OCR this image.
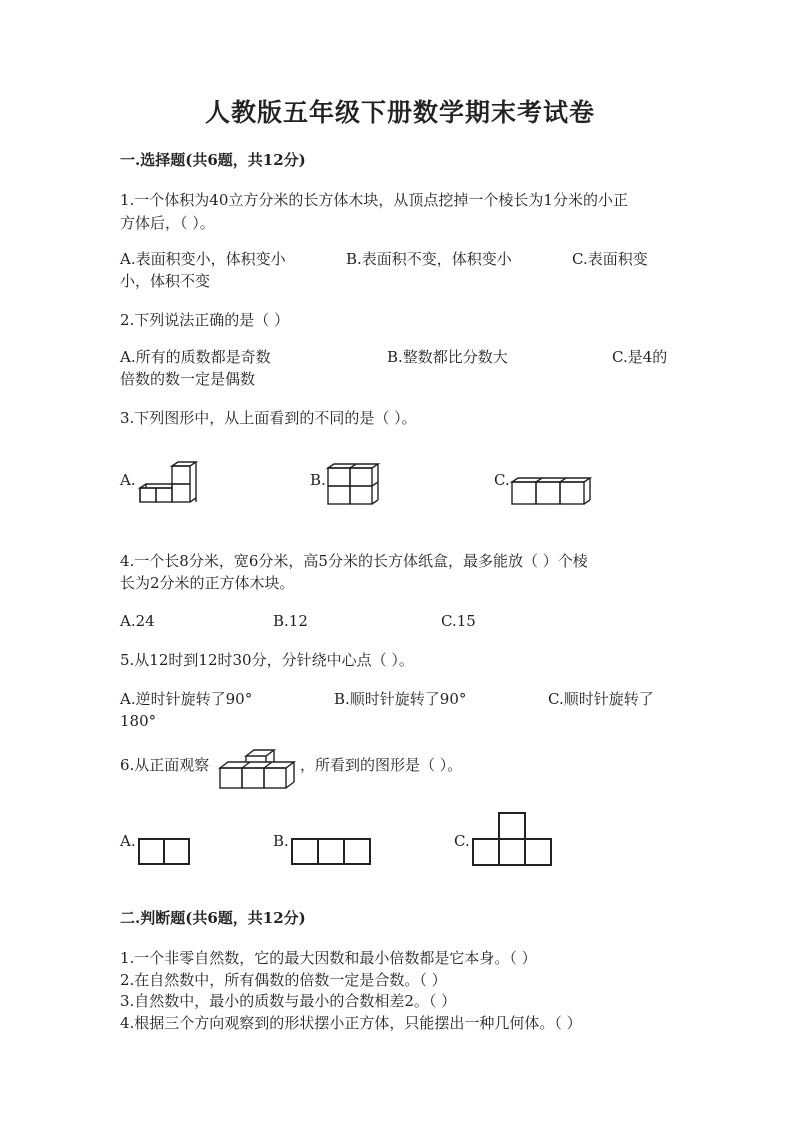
人教版五年级下册数学期末考试卷
一.选择题(共6题，共12分)
1.一个体积为40立方分米的长方体木块，从顶点挖掉一个棱长为1分米的小正
方体后，（ ）。
A.表面积变小，体积变小	B.表面积不变，体积变小	C.表面积变
小，体积不变
2.下列说法正确的是（ ）
A.所有的质数都是奇数	B.整数都比分数大	C.是4的
倍数的数一定是偶数
3.下列图形中，从上面看到的不同的是（ ）。
A.	B.	C.
4.一个长8分米，宽6分米，高5分米的长方体纸盒，最多能放（ ）个棱
长为2分米的正方体木块。
A.24	B.12	C.15
5.从12时到12时30分，分针绕中心点（ ）。
A.逆时针旋转了90°	B.顺时针旋转了90°	C.顺时针旋转了
180°
6.从正面观察	，所看到的图形是（ ）。
A.	B.	C.
二.判断题(共6题，共12分)
1.一个非零自然数，它的最大因数和最小倍数都是它本身。（ ）
2.在自然数中，所有偶数的倍数一定是合数。（ ）
3.自然数中，最小的质数与最小的合数相差2。（ ）
4.根据三个方向观察到的形状摆小正方体，只能摆出一种几何体。（ ）
